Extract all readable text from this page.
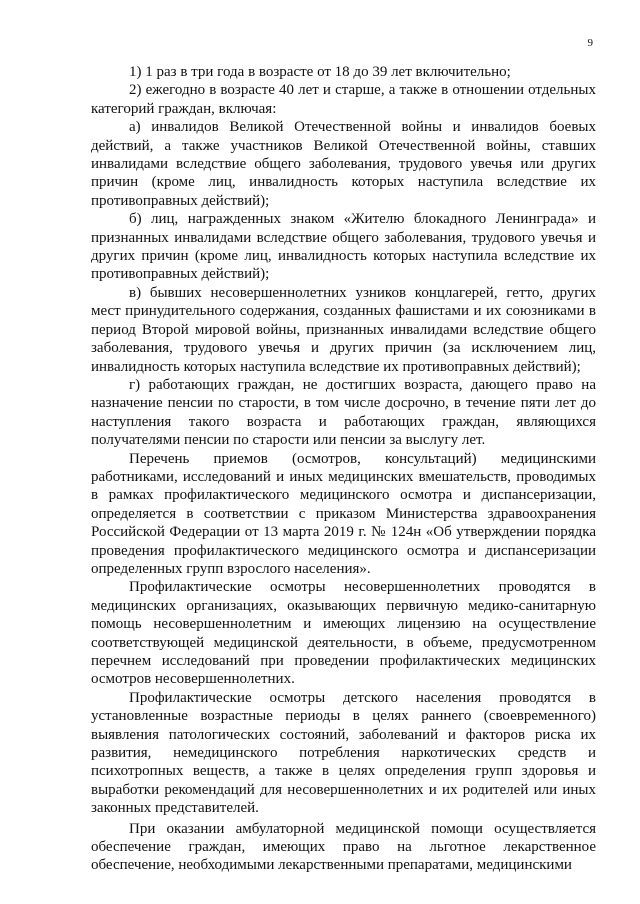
9

1) 1 раз в три года в возрасте от 18 до 39 лет включительно;

2) ежегодно в возрасте 40 лет и старше, а также в отношении отдельных категорий граждан, включая:

а) инвалидов Великой Отечественной войны и инвалидов боевых действий, а также участников Великой Отечественной войны, ставших инвалидами вследствие общего заболевания, трудового увечья или других причин (кроме лиц, инвалидность которых наступила вследствие их противоправных действий);

б) лиц, награжденных знаком «Жителю блокадного Ленинграда» и признанных инвалидами вследствие общего заболевания, трудового увечья и других причин (кроме лиц, инвалидность которых наступила вследствие их противоправных действий);

в) бывших несовершеннолетних узников концлагерей, гетто, других мест принудительного содержания, созданных фашистами и их союзниками в период Второй мировой войны, признанных инвалидами вследствие общего заболевания, трудового увечья и других причин (за исключением лиц, инвалидность которых наступила вследствие их противоправных действий);

г) работающих граждан, не достигших возраста, дающего право на назначение пенсии по старости, в том числе досрочно, в течение пяти лет до наступления такого возраста и работающих граждан, являющихся получателями пенсии по старости или пенсии за выслугу лет.

Перечень приемов (осмотров, консультаций) медицинскими работниками, исследований и иных медицинских вмешательств, проводимых в рамках профилактического медицинского осмотра и диспансеризации, определяется в соответствии с приказом Министерства здравоохранения Российской Федерации от 13 марта 2019 г. № 124н «Об утверждении порядка проведения профилактического медицинского осмотра и диспансеризации определенных групп взрослого населения».

Профилактические осмотры несовершеннолетних проводятся в медицинских организациях, оказывающих первичную медико-санитарную помощь несовершеннолетним и имеющих лицензию на осуществление соответствующей медицинской деятельности, в объеме, предусмотренном перечнем исследований при проведении профилактических медицинских осмотров несовершеннолетних.

Профилактические осмотры детского населения проводятся в установленные возрастные периоды в целях раннего (своевременного) выявления патологических состояний, заболеваний и факторов риска их развития, немедицинского потребления наркотических средств и психотропных веществ, а также в целях определения групп здоровья и выработки рекомендаций для несовершеннолетних и их родителей или иных законных представителей.

При оказании амбулаторной медицинской помощи осуществляется обеспечение граждан, имеющих право на льготное лекарственное обеспечение, необходимыми лекарственными препаратами, медицинскими
